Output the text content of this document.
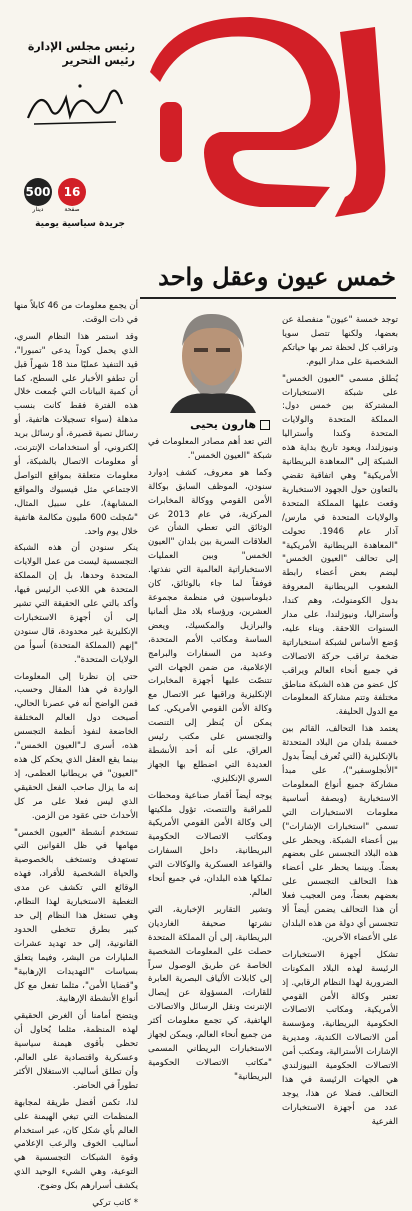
رئيس مجلس الإدارة
رئيس التحرير
16
صفحة
500
دينار
جريدة سياسية يومية
خمس عيون وعقل واحد
هارون يحيى

توجد خمسة "عيون" منفصلة عن بعضها، ولكنها تتصل سويا وتراقب كل لحظة تمر بها حياتكم الشخصية على مدار اليوم.

يُطلق مسمى "العيون الخمس" على شبكة الاستخبارات المشتركة بين خمس دول: المملكة المتحدة والولايات المتحدة وكندا وأستراليا ونيوزلندا، ويعود تاريخ بداية هذه الشبكة إلى "المعاهدة البريطانية الأمريكية" وهي اتفاقية تقضي بالتعاون حول الجهود الاستخبارية وقعت عليها المملكة المتحدة والولايات المتحدة في مارس/ آذار عام 1946. تحولت "المعاهدة البريطانية الأمريكية" إلى تحالف "العيون الخمس" ليضم بعض أعضاء رابطة الشعوب البريطانية المعروفة بدول الكومنولث، وهم كندا، وأستراليا، ونيوزلندا، على مدار السنوات اللاحقة. وبناء عليه، وُضع الأساس لشبكة استخباراتية ضخمة تراقب حركة الاتصالات في جميع أنحاء العالم ويراقب كل عضو من هذه الشبكة مناطق مختلفة وتتم مشاركة المعلومات مع الدول الحليفة.

يعتمد هذا التحالف، القائم بين خمسة بلدان من البلاد المتحدثة بالإنكليزية (التي تُعرف أيضاً بدول "الأنجلوسفير")، على مبدأ مشاركة جميع أنواع المعلومات الاستخبارية (وبصفة أساسية معلومات الاستخبارات التي تسمى "استخبارات الإشارات") بين أعضاء الشبكة. ويحظر على هذه البلاد التجسس على بعضهم بعضاً. وبينما يحظر على أعضاء هذا التحالف التجسس على بعضهم بعضاً، ومن العجيب فعلا أن هذا التحالف يضمن أيضاً ألا تتجسس أي دولة من هذه البلدان على الأعضاء الآخرين.

تشكل أجهزة الاستخبارات الرئيسة لهذه البلاد المكونات الضرورية لهذا النظام الرقابي. إذ تعتبر وكالة الأمن القومي الأمريكية، ومكاتب الاتصالات الحكومية البريطانية، ومؤسسة أمن الاتصالات الكندية، ومديرية الإشارات الأسترالية، ومكتب أمن الاتصالات الحكومية النيوزلندي هي الجهات الرئيسة في هذا التحالف. فضلا عن هذا، يوجد عدد من أجهزة الاستخبارات الفرعية

التي تعد أهم مصادر المعلومات في شبكة "العيون الخمس".

وكما هو معروف، كشف إدوارد سنودن، الموظف السابق بوكالة الأمن القومي ووكالة المخابرات المركزية، في عام 2013 عن الوثائق التي تعطي الشأن عن العلاقات السرية بين بلدان "العيون الخمس" وبين العمليات الاستخباراتية العالمية التي نفذتها. فوفقاً لما جاء بالوثائق، كان دبلوماسيون في منظمة مجموعة العشرين، ورؤساء بلاد مثل ألمانيا والبرازيل والمكسيك، ويعض الساسة ومكاتب الأمم المتحدة، وعديد من السفارات والبرامج الإعلامية، من ضمن الجهات التي تتنصّت عليها أجهزة المخابرات الإنكليزية وراقبها عبر الاتصال مع وكالة الأمن القومي الأمريكي. كما يمكن أن يُنظر إلى التنصت والتجسس على مكتب رئيس العراق، على أنه أحد الأنشطة العديدة التي اضطلع بها الجهاز السري الإنكليزي.

يوجه أيضاً أقمار صناعية ومحطات للمراقبة والتنصت، تؤول ملكيتها إلى وكالة الأمن القومي الأمريكية ومكاتب الاتصالات الحكومية البريطانية، داخل السفارات والقواعد العسكرية والوكالات التي تملكها هذه البلدان، في جميع أنحاء العالم.

وتشير التقارير الإخبارية، التي نشرتها صحيفة الغارديان البريطانية، إلى أن المملكة المتحدة حصلت على المعلومات الشخصية الخاصة عن طريق الوصول سراً إلى كابلات الألياف البصرية العابرة للقارات، المسؤولة عن إيصال الإنترنت ونقل الرسائل والاتصالات الهاتفية، كي تجمع معلومات أكثر من جميع أنحاء العالم، ويمكن لجهاز الاستخبارات البريطاني المسمى "مكاتب الاتصالات الحكومية البريطانية"

أن يجمع معلومات من 46 كابلاً منها في ذات الوقت.

وقد استمر هذا النظام السري، الذي يحمل كوداً يدعى "تمبورا"، قيد التنفيذ عمليًا منذ 18 شهراً قبل أن تطفو الأخبار على السطح، كما أن كمية البيانات التي جُمعت خلال هذه الفترة فقط كانت بنسب مذهلة (سواء تسجيلات هاتفية، أو رسائل نصية قصيرة، أو رسائل بريد إلكتروني، أو استخدامات الإنترنت، أو معلومات الاتصال بالشبكة، أو معلومات متعلقة بمواقع التواصل الاجتماعي مثل فيسبوك والمواقع المشابهة)، على سبيل المثال، "سُجلت 600 مليون مكالمة هاتفية خلال يوم واحد.

ينكر سنودن أن هذه الشبكة التجسسية ليست من عمل الولايات المتحدة وحدها، بل إن المملكة المتحدة هي اللاعب الرئيس فيها، وأكد بالتي على الحقيقة التي تشير إلى أن أجهزة الاستخبارات الإنكليزية غير محدودة، قال سنودن "إنهم (المملكة المتحدة) أسوأ من الولايات المتحدة".

حتى إن نظرنا إلى المعلومات الواردة في هذا المقال وحسب، فمن الواضح أنه في عصرنا الحالي، أصبحت دول العالم المختلفة الخاضعة لنفوذ أنظمة التجسس هذه، أسرى لـ"العيون الخمس"، بينما يقع العقل الذي يحكم كل هذه "العيون" في بريطانيا العظمى، إذ إنه ما يزال صاحب الفعل الحقيقي الذي ليس فعلا على مر كل الأحداث حتى عقود من الزمن.

تستخدم أنشطة "العيون الخمس" مهامها في ظل القوانين التي تستهدف وتستخف بالخصوصية والحياة الشخصية للأفراد، فهذه الوقائع التي تكشف عن مدى التغطية الاستخبارية لهذا النظام، وهي تستغل هذا النظام إلى حد كبير بطرق تتخطى الحدود القانونية، إلى حد تهديد عشرات المليارات من البشر، وفيما يتعلق بسياسات "التهديدات الإرهابية" و"قضايا الأمن"، مثلما تفعل مع كل أنواع الأنشطة الإرهابية.

ويتضح أمامنا أن الغرض الحقيقي لهذه المنظمة، مثلما يُحاول أن تحظى بأقوى هيمنة سياسية وعسكرية واقتصادية على العالم، وأن تطلق أساليب الاستغلال الأكثر تطوراً في الحاضر.

لذا، تكمن أفضل طريقة لمجابهة المنظمات التي تبغي الهيمنة على العالم بأي شكل كان، عبر استخدام أساليب الخوف والرعب الإعلامي وقوة الشبكات التجسسية هي التوعية، وهي الشيء الوحيد الذي يكشف أسرارهم بكل وضوح.

* كاتب تركي
